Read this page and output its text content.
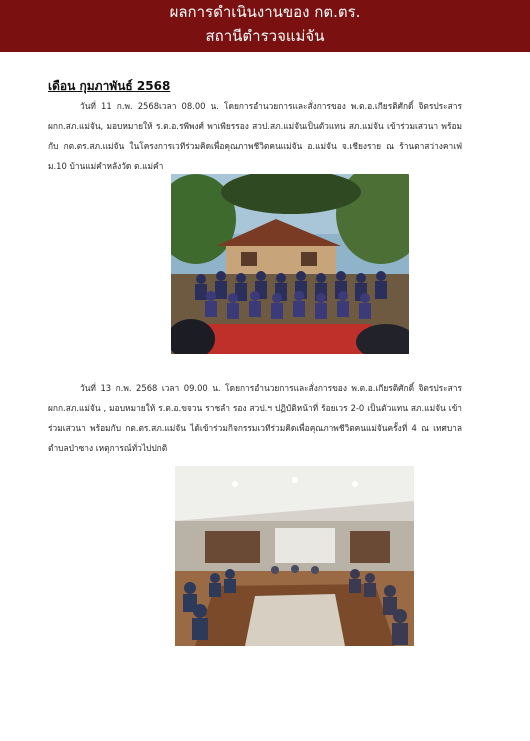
ผลการดำเนินงานของ กต.ตร.
สถานีตำรวจแม่จัน
เดือน กุมภาพันธ์ 2568
วันที่ 11 ก.พ. 2568เวลา 08.00 น. โดยการอำนวยการและสั่งการของ พ.ต.อ.เกียรติศักดิ์ จิตรประสาร ผกก.สภ.แม่จัน, มอบหมายให้ ร.ต.อ.รพีพงศ์ พาเพียรรอง สวป.สภ.แม่จันเป็นตัวแทน สภ.แม่จัน เข้าร่วมเสวนา พร้อมกับ กต.ตร.สภ.แม่จัน ในโครงการเวทีร่วมคิดเพื่อคุณภาพชีวิตคนแม่จัน อ.แม่จัน จ.เชียงราย ณ ร้านตาสว่างคาเฟ่ ม.10 บ้านแม่คำหลังวัด ต.แม่คำ
วันที่ 13 ก.พ. 2568 เวลา 09.00 น. โดยการอำนวยการและสั่งการของ พ.ต.อ.เกียรติศักดิ์ จิตรประสาร ผกก.สภ.แม่จัน , มอบหมายให้ ร.ต.อ.ขจวน ราชลำ รอง สวป.ฯ ปฏิบัติหน้าที่ ร้อยเวร 2-0 เป็นตัวแทน สภ.แม่จัน เข้าร่วมเสวนา พร้อมกับ กต.ตร.สภ.แม่จัน ได้เข้าร่วมกิจกรรมเวทีร่วมคิดเพื่อคุณภาพชีวิตคนแม่จันครั้งที่ 4 ณ เทศบาลตำบลป่าซาง เหตุการณ์ทั่วไปปกติ
